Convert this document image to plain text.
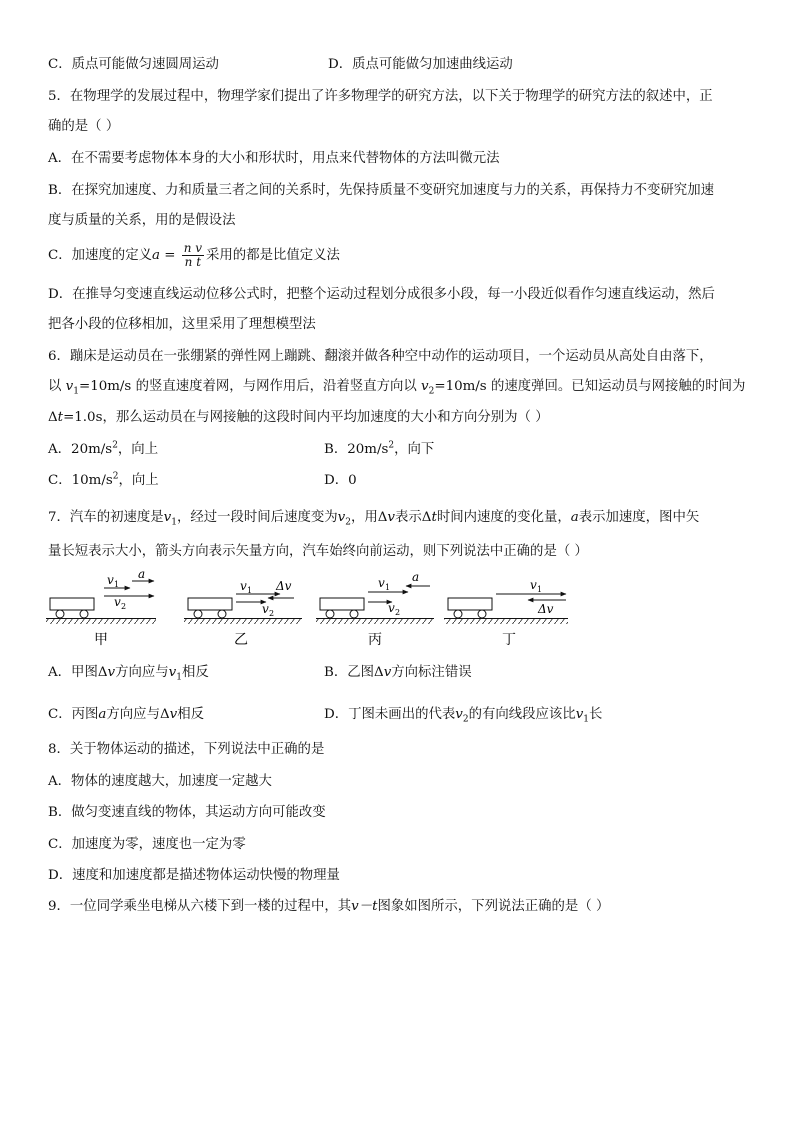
C．质点可能做匀速圆周运动	D．质点可能做匀加速曲线运动
5．在物理学的发展过程中，物理学家们提出了许多物理学的研究方法，以下关于物理学的研究方法的叙述中，正
确的是（ ）
A．在不需要考虑物体本身的大小和形状时，用点来代替物体的方法叫微元法
B．在探究加速度、力和质量三者之间的关系时，先保持质量不变研究加速度与力的关系，再保持力不变研究加速
度与质量的关系，用的是假设法
C．加速度的定义$a = \frac{\text{n v}}{\text{n t}}$ 采用的都是比值定义法
D．在推导匀变速直线运动位移公式时，把整个运动过程划分成很多小段，每一小段近似看作匀速直线运动，然后
把各小段的位移相加，这里采用了理想模型法
6．蹦床是运动员在一张绷紧的弹性网上蹦跳、翻滚并做各种空中动作的运动项目，一个运动员从高处自由落下，
以 $v_1=10m/s$ 的竖直速度着网，与网作用后，沿着竖直方向以 $v_2=10m/s$ 的速度弹回。已知运动员与网接触的时间为
Δt=1.0s，那么运动员在与网接触的这段时间内平均加速度的大小和方向分别为（ ）
A．$20m/s^2$，向上	B．$20m/s^2$，向下
C．$10m/s^2$，向上	D．0
7．汽车的初速度是$v_1$，经过一段时间后速度变为$v_2$，用Δv表示Δt时间内速度的变化量，a表示加速度，图中矢
量长短表示大小，箭头方向表示矢量方向，汽车始终向前运动，则下列说法中正确的是（ ）
v 1
a
v 2
甲
v 1
v 2
Δv
乙
v 1
a
v 2
丙
v 1
Δv
丁
A．甲图Δv方向应与$v_1$相反	B．乙图Δv方向标注错误
C．丙图a方向应与Δv相反	D．丁图未画出的代表$v_2$的有向线段应该比$v_1$长
8．关于物体运动的描述，下列说法中正确的是
A．物体的速度越大，加速度一定越大
B．做匀变速直线的物体，其运动方向可能改变
C．加速度为零，速度也一定为零
D．速度和加速度都是描述物体运动快慢的物理量
9．一位同学乘坐电梯从六楼下到一楼的过程中，其v－t图象如图所示，下列说法正确的是（ ）
